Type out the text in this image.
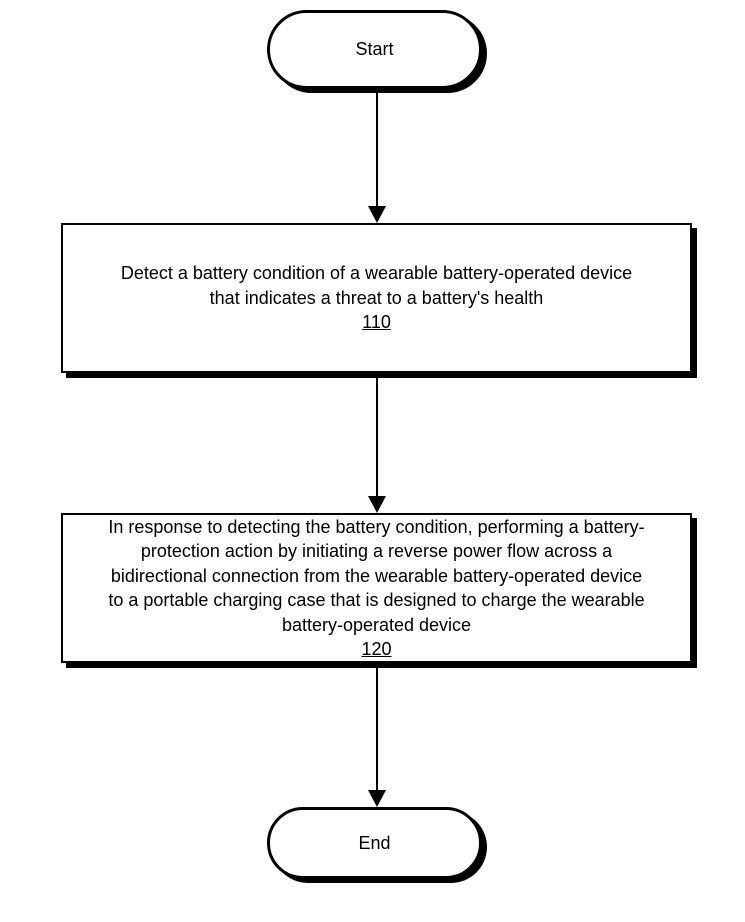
Start
Detect a battery condition of a wearable battery-operated device
that indicates a threat to a battery's health
110
In response to detecting the battery condition, performing a battery-
protection action by initiating a reverse power flow across a
bidirectional connection from the wearable battery-operated device
to a portable charging case that is designed to charge the wearable
battery-operated device
120
End
